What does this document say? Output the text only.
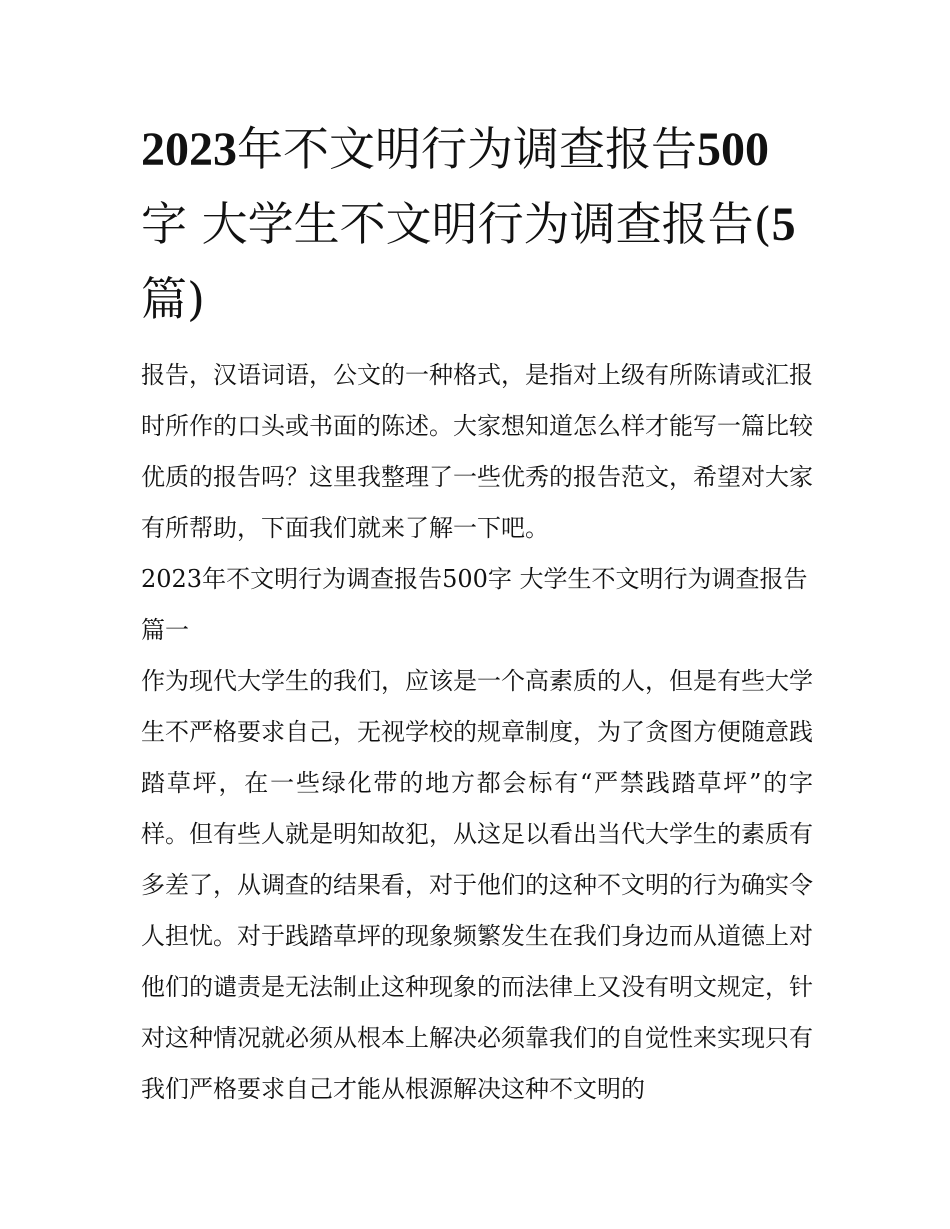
2023年不文明行为调查报告500字 大学生不文明行为调查报告(5篇)

报告，汉语词语，公文的一种格式，是指对上级有所陈请或汇报时所作的口头或书面的陈述。大家想知道怎么样才能写一篇比较优质的报告吗？这里我整理了一些优秀的报告范文，希望对大家有所帮助，下面我们就来了解一下吧。

2023年不文明行为调查报告500字 大学生不文明行为调查报告篇一

作为现代大学生的我们，应该是一个高素质的人，但是有些大学生不严格要求自己，无视学校的规章制度，为了贪图方便随意践踏草坪，在一些绿化带的地方都会标有“严禁践踏草坪”的字样。但有些人就是明知故犯，从这足以看出当代大学生的素质有多差了，从调查的结果看，对于他们的这种不文明的行为确实令人担忧。对于践踏草坪的现象频繁发生在我们身边而从道德上对他们的谴责是无法制止这种现象的而法律上又没有明文规定，针对这种情况就必须从根本上解决必须靠我们的自觉性来实现只有我们严格要求自己才能从根源解决这种不文明的
